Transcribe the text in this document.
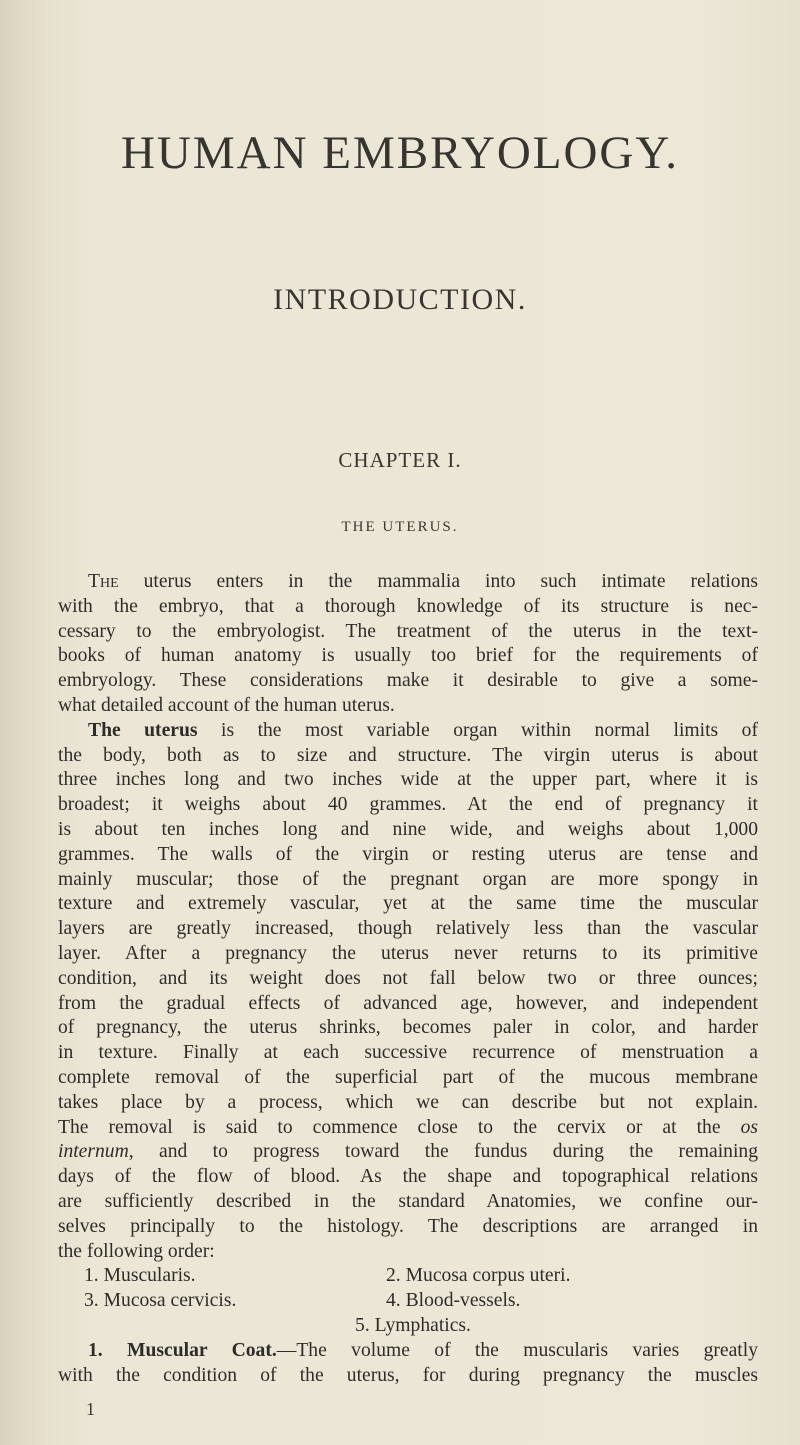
HUMAN EMBRYOLOGY.
INTRODUCTION.
CHAPTER I.
THE UTERUS.
The uterus enters in the mammalia into such intimate relations
with the embryo, that a thorough knowledge of its structure is nec-
cessary to the embryologist. The treatment of the uterus in the text-
books of human anatomy is usually too brief for the requirements of
embryology. These considerations make it desirable to give a some-
what detailed account of the human uterus.
The uterus is the most variable organ within normal limits of
the body, both as to size and structure. The virgin uterus is about
three inches long and two inches wide at the upper part, where it is
broadest; it weighs about 40 grammes. At the end of pregnancy it
is about ten inches long and nine wide, and weighs about 1,000
grammes. The walls of the virgin or resting uterus are tense and
mainly muscular; those of the pregnant organ are more spongy in
texture and extremely vascular, yet at the same time the muscular
layers are greatly increased, though relatively less than the vascular
layer. After a pregnancy the uterus never returns to its primitive
condition, and its weight does not fall below two or three ounces;
from the gradual effects of advanced age, however, and independent
of pregnancy, the uterus shrinks, becomes paler in color, and harder
in texture. Finally at each successive recurrence of menstruation a
complete removal of the superficial part of the mucous membrane
takes place by a process, which we can describe but not explain.
The removal is said to commence close to the cervix or at the os
internum, and to progress toward the fundus during the remaining
days of the flow of blood. As the shape and topographical relations
are sufficiently described in the standard Anatomies, we confine our-
selves principally to the histology. The descriptions are arranged in
the following order:
1. Muscularis.	2. Mucosa corpus uteri.
3. Mucosa cervicis.	4. Blood-vessels.
5. Lymphatics.
1. Muscular Coat.—The volume of the muscularis varies greatly
with the condition of the uterus, for during pregnancy the muscles
1
